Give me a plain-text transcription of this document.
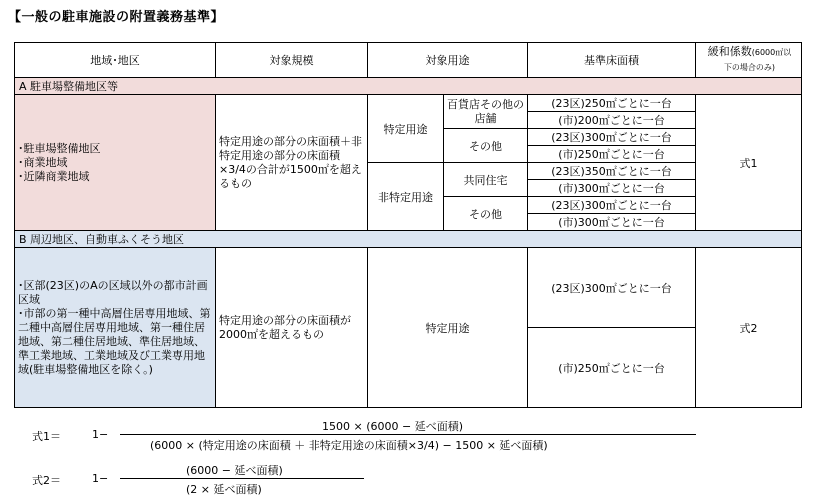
【一般の駐車施設の附置義務基準】
地域･地区	対象規模	対象用途		基準床面積	緩和係数(6000㎡以
下の場合のみ)
A 駐車場整備地区等					

･駐車場整備地区
･商業地域
･近隣商業地域	特定用途の部分の床面積＋非特定用途の部分の床面積×3/4の合計が1500㎡を超えるもの	特定用途	百貨店その他の店舗	(23区)250㎡ごとに一台	式1
				(市)200㎡ごとに一台	
			その他	(23区)300㎡ごとに一台	
				(市)250㎡ごとに一台	
		非特定用途	共同住宅	(23区)350㎡ごとに一台	
				(市)300㎡ごとに一台	
			その他	(23区)300㎡ごとに一台	
				(市)300㎡ごとに一台	
B 周辺地区、自動車ふくそう地区					
･区部(23区)のAの区域以外の都市計画区域
･市部の第一種中高層住居専用地域、第二種中高層住居専用地域、第一種住居地域、第二種住居地域、準住居地域、準工業地域、工業地域及び工業専用地域(駐車場整備地区を除く。)	特定用途の部分の床面積が2000㎡を超えるもの	特定用途		(23区)300㎡ごとに一台	式2
				(市)250㎡ごとに一台	
式1＝	1−
1500 × (6000 − 延べ面積)
(6000 × (特定用途の床面積 ＋ 非特定用途の床面積×3/4) − 1500 × 延べ面積)
式2＝	1−
(6000 − 延べ面積)
(2 × 延べ面積)
